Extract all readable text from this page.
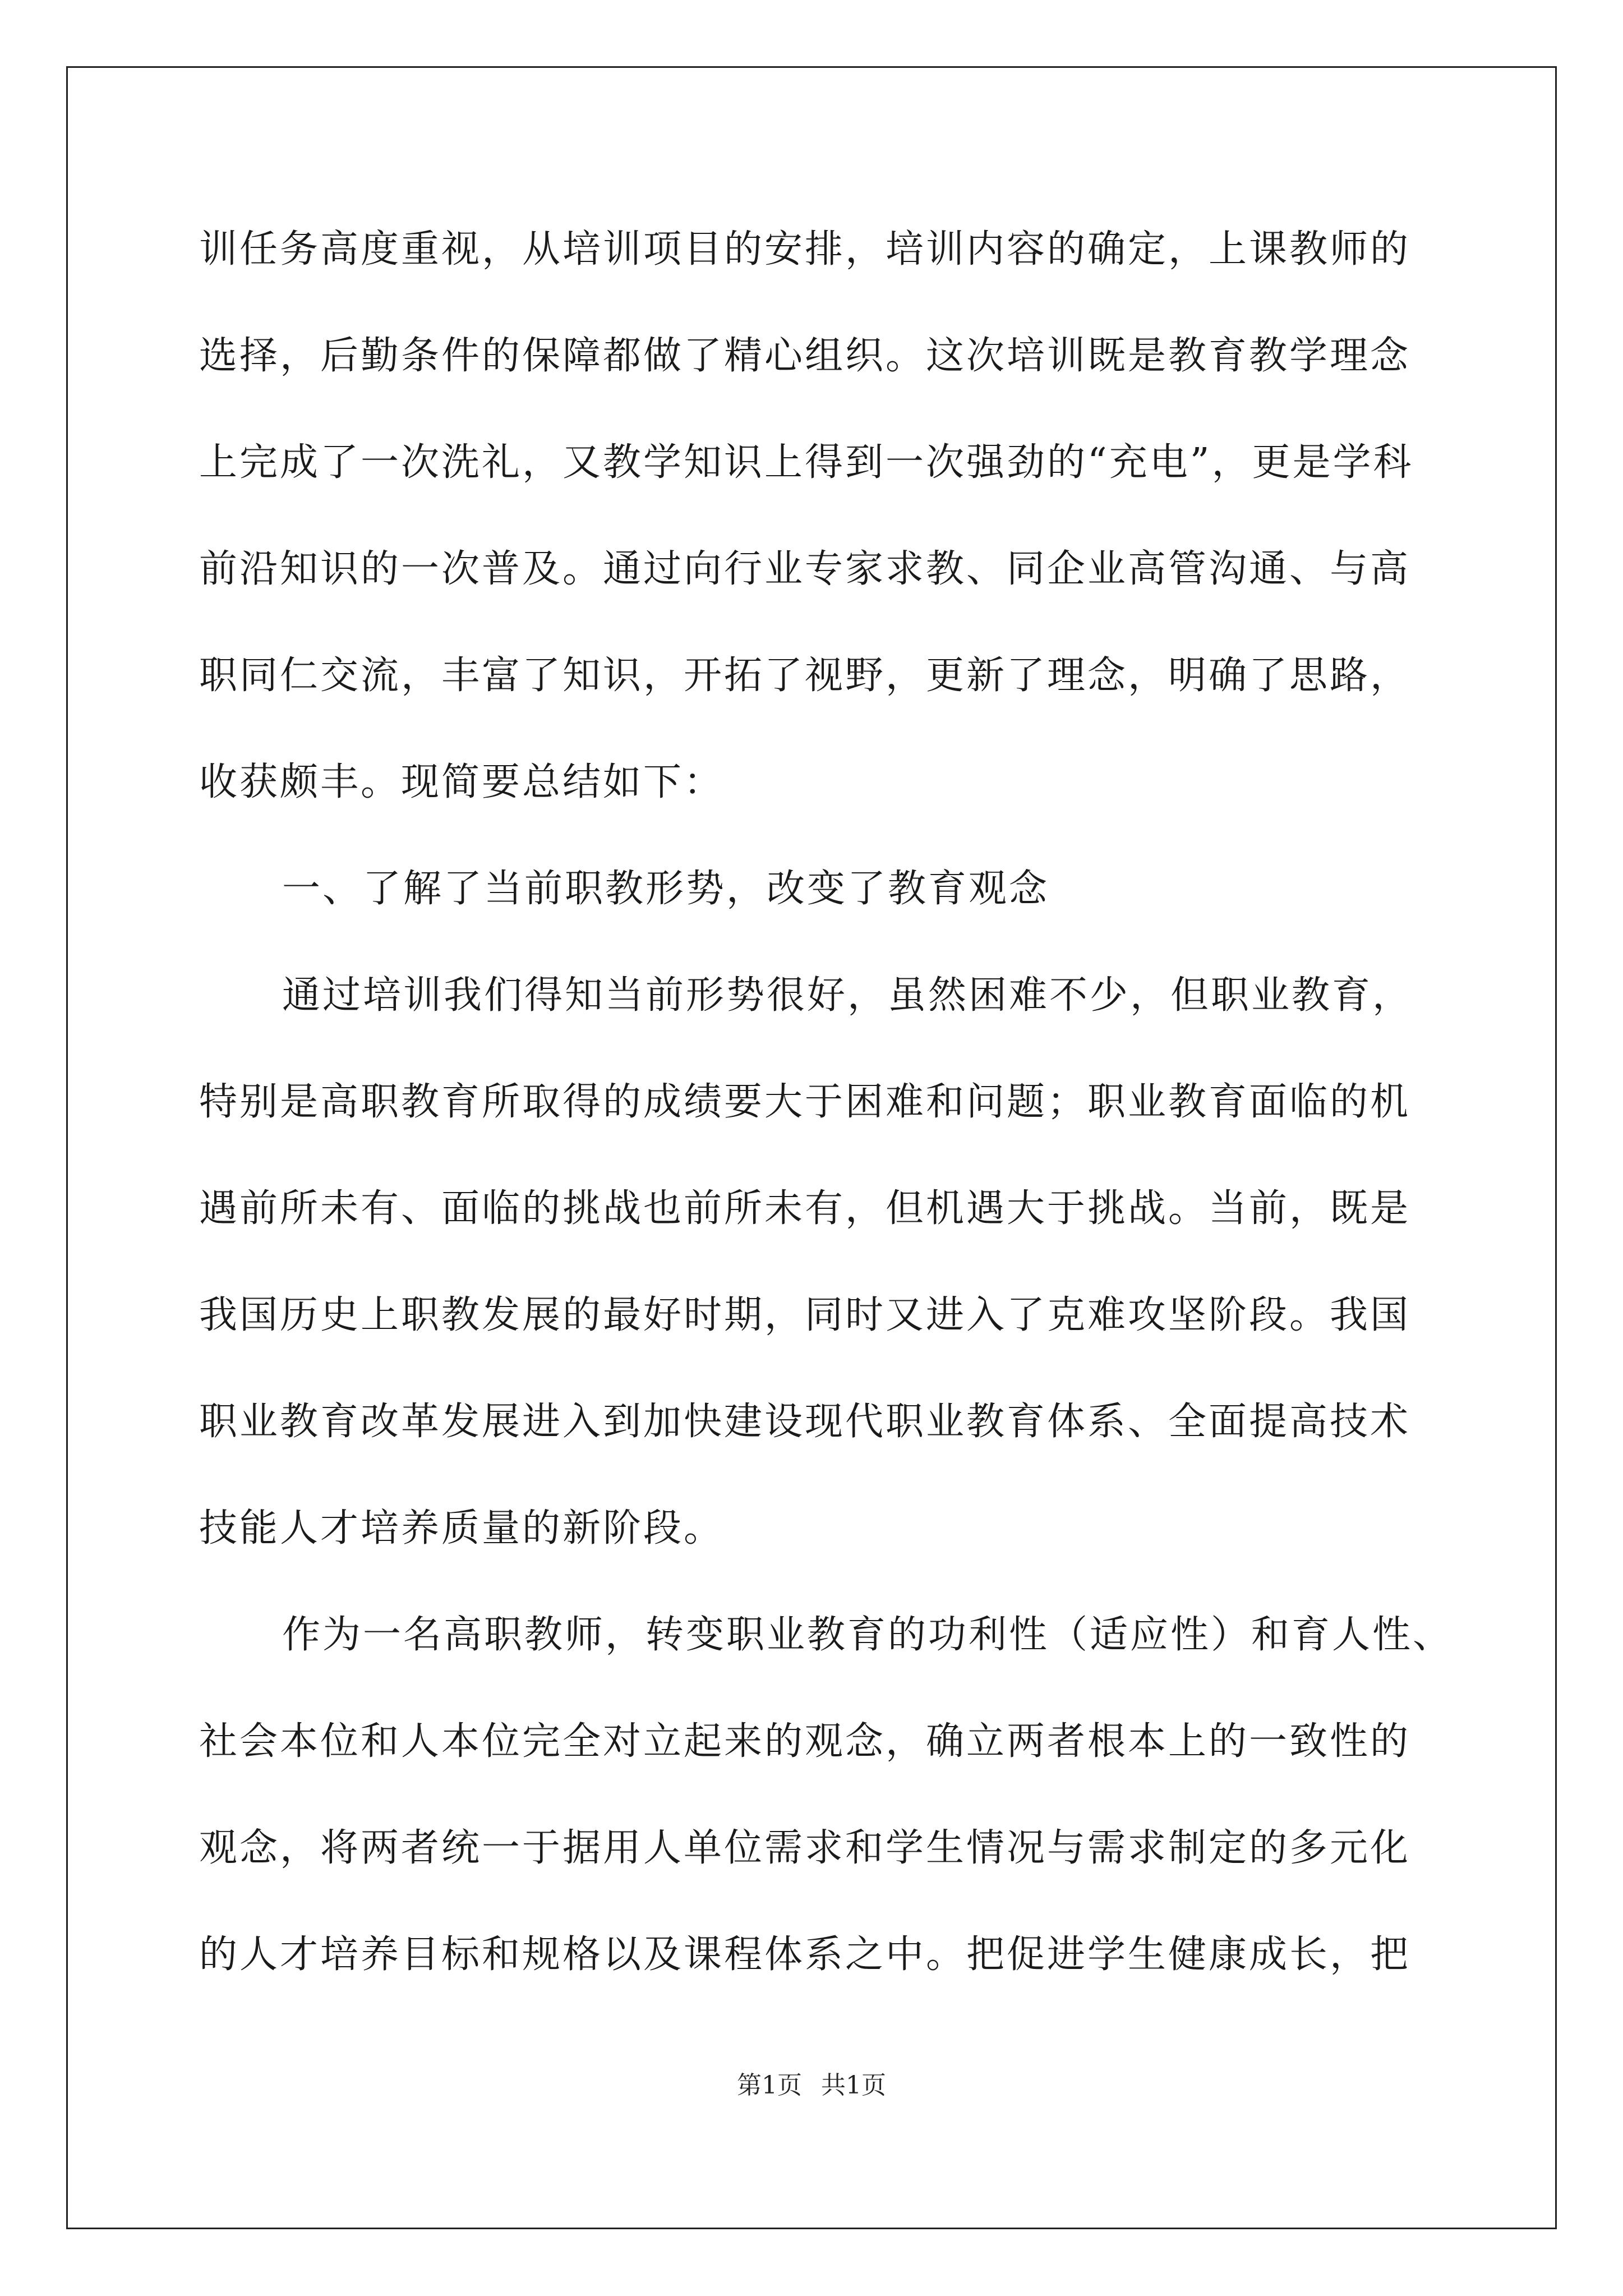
训任务高度重视，从培训项目的安排，培训内容的确定，上课教师的
选择，后勤条件的保障都做了精心组织。这次培训既是教育教学理念
上完成了一次洗礼，又教学知识上得到一次强劲的“充电”，更是学科
前沿知识的一次普及。通过向行业专家求教、同企业高管沟通、与高
职同仁交流，丰富了知识，开拓了视野，更新了理念，明确了思路，
收获颇丰。现简要总结如下：
一、了解了当前职教形势，改变了教育观念
通过培训我们得知当前形势很好，虽然困难不少，但职业教育，
特别是高职教育所取得的成绩要大于困难和问题；职业教育面临的机
遇前所未有、面临的挑战也前所未有，但机遇大于挑战。当前，既是
我国历史上职教发展的最好时期，同时又进入了克难攻坚阶段。我国
职业教育改革发展进入到加快建设现代职业教育体系、全面提高技术
技能人才培养质量的新阶段。
作为一名高职教师，转变职业教育的功利性（适应性）和育人性、
社会本位和人本位完全对立起来的观念，确立两者根本上的一致性的
观念，将两者统一于据用人单位需求和学生情况与需求制定的多元化
的人才培养目标和规格以及课程体系之中。把促进学生健康成长，把
第1页 共1页
